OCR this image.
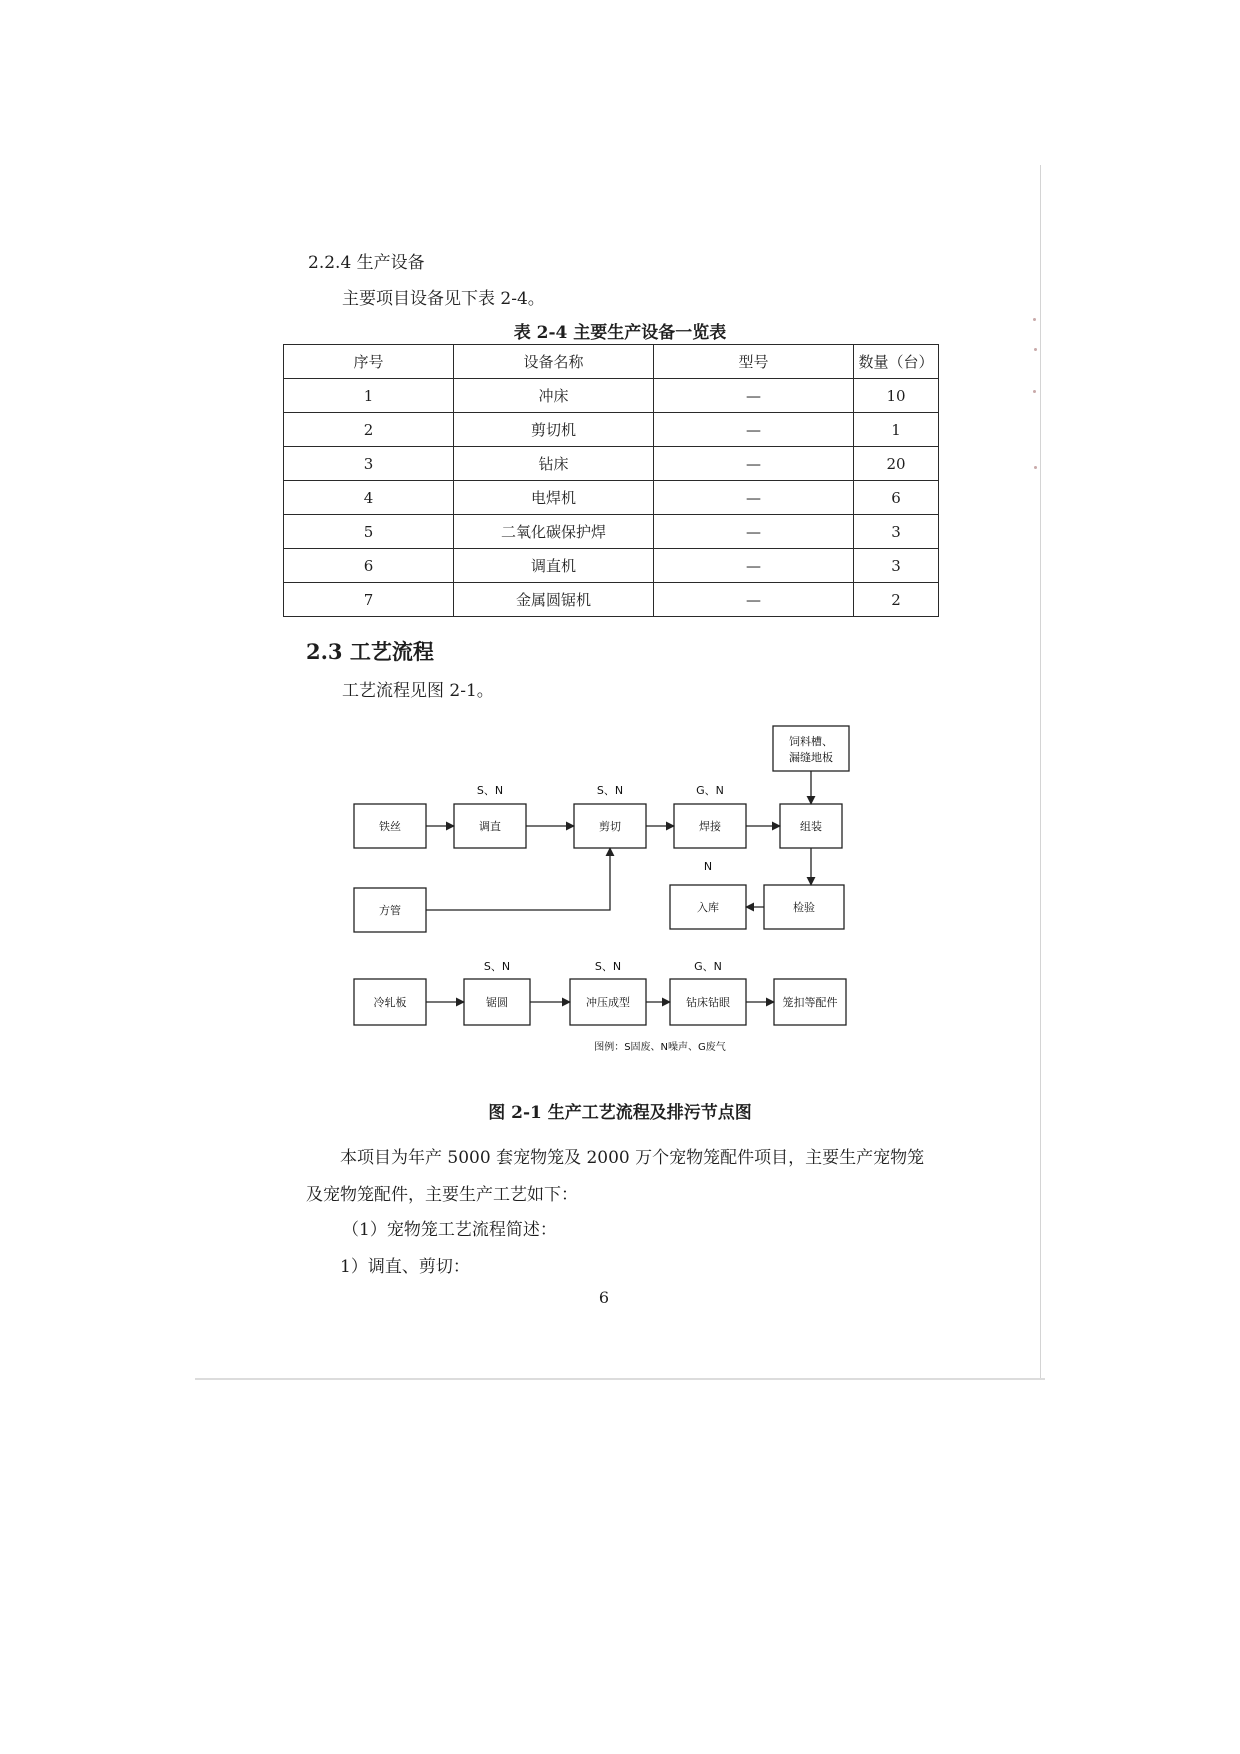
2.2.4 生产设备
主要项目设备见下表 2-4。
表 2-4 主要生产设备一览表
序号	设备名称	型号	数量（台）
1	冲床	—	10
2	剪切机	—	1
3	钻床	—	20
4	电焊机	—	6
5	二氧化碳保护焊	—	3
6	调直机	—	3
7	金属圆锯机	—	2
2.3 工艺流程
工艺流程见图 2-1。
铁丝	调直	剪切	焊接	组装
饲料槽、
漏缝地板
方管	入库	检验
冷轧板	锯圆	冲压成型	钻床钻眼	笼扣等配件
S、N	S、N	G、N
N
S、N	S、N	G、N
图例：S固废、N噪声、G废气
图 2-1 生产工艺流程及排污节点图
本项目为年产 5000 套宠物笼及 2000 万个宠物笼配件项目，主要生产宠物笼及宠物笼配件，主要生产工艺如下：
（1）宠物笼工艺流程简述：
1）调直、剪切：
6
